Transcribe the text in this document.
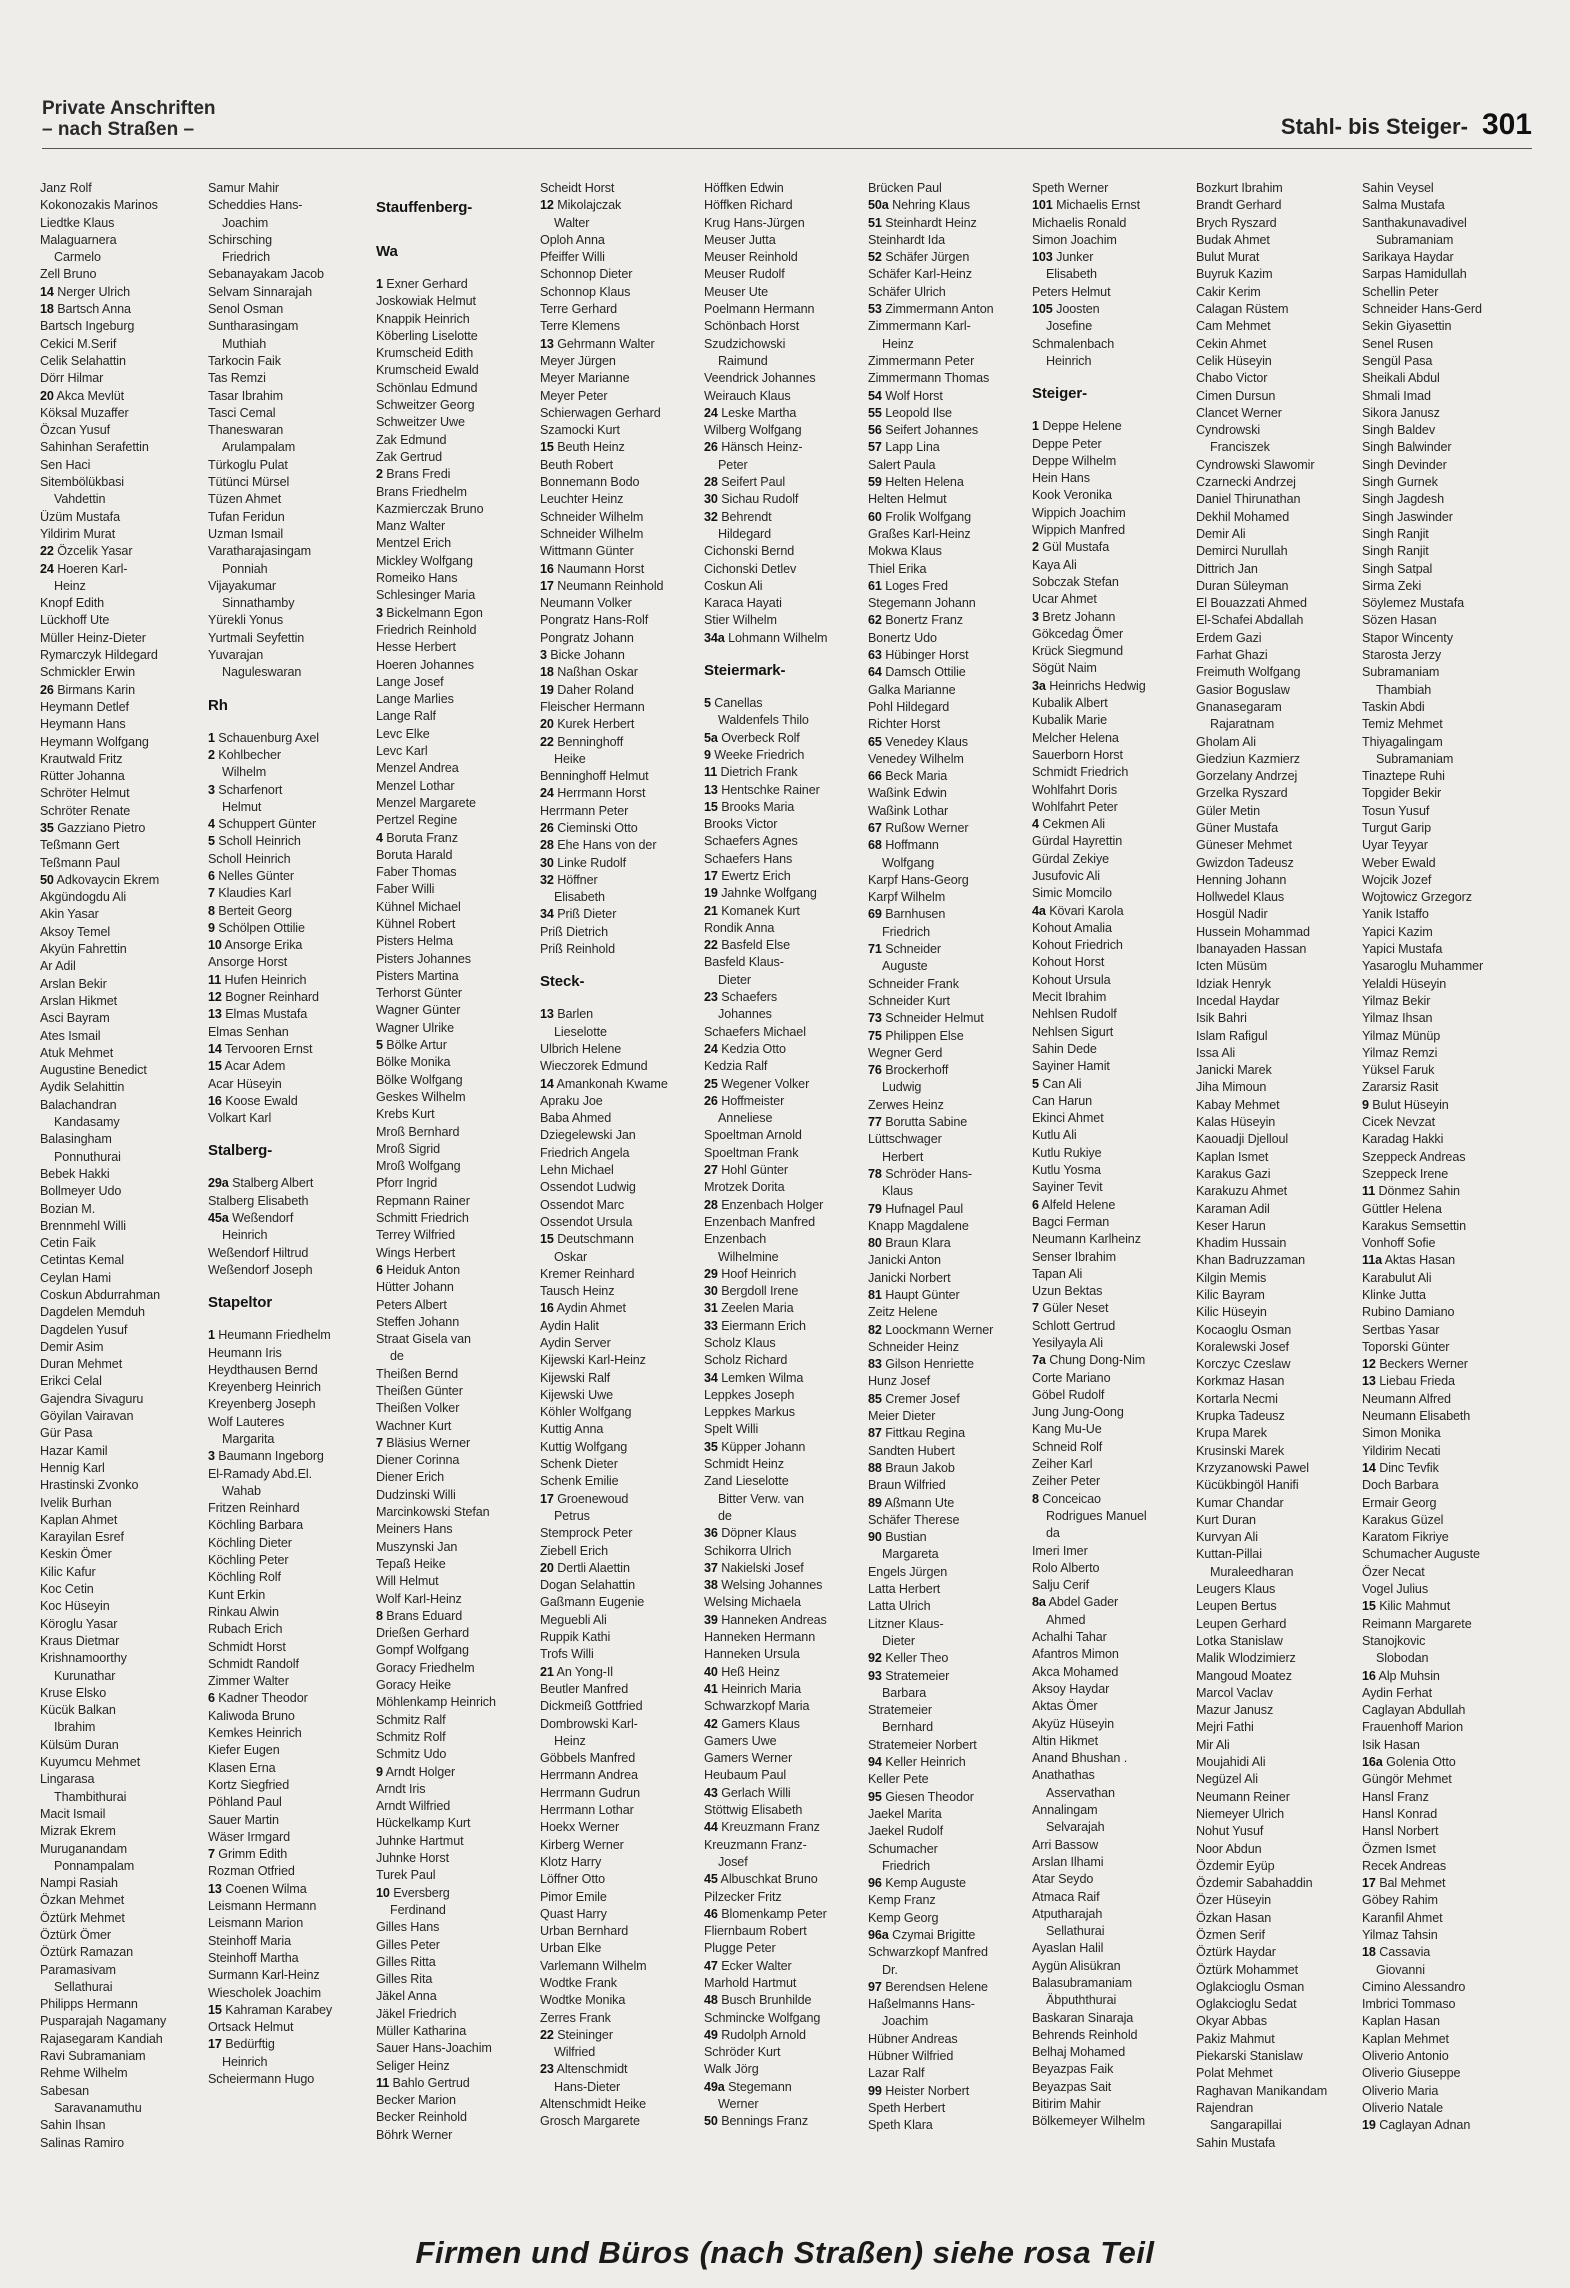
Private Anschriften
– nach Straßen –	Stahl- bis Steiger- 301
Janz Rolf
Kokonozakis Marinos
Liedtke Klaus
Malaguarnera
Carmelo
Zell Bruno
14 Nerger Ulrich
18 Bartsch Anna
Bartsch Ingeburg
Cekici M.Serif
Celik Selahattin
Dörr Hilmar
20 Akca Mevlüt
Köksal Muzaffer
Özcan Yusuf
Sahinhan Serafettin
Sen Haci
Sitembölükbasi
Vahdettin
Üzüm Mustafa
Yildirim Murat
22 Özcelik Yasar
24 Hoeren Karl-
Heinz
Knopf Edith
Lückhoff Ute
Müller Heinz-Dieter
Rymarczyk Hildegard
Schmickler Erwin
26 Birmans Karin
Heymann Detlef
Heymann Hans
Heymann Wolfgang
Krautwald Fritz
Rütter Johanna
Schröter Helmut
Schröter Renate
35 Gazziano Pietro
Teßmann Gert
Teßmann Paul
50 Adkovaycin Ekrem
Akgündogdu Ali
Akin Yasar
Aksoy Temel
Akyün Fahrettin
Ar Adil
Arslan Bekir
Arslan Hikmet
Asci Bayram
Ates Ismail
Atuk Mehmet
Augustine Benedict
Aydik Selahittin
Balachandran
Kandasamy
Balasingham
Ponnuthurai
Bebek Hakki
Bollmeyer Udo
Bozian M.
Brennmehl Willi
Cetin Faik
Cetintas Kemal
Ceylan Hami
Coskun Abdurrahman
Dagdelen Memduh
Dagdelen Yusuf
Demir Asim
Duran Mehmet
Erikci Celal
Gajendra Sivaguru
Göyilan Vairavan
Gür Pasa
Hazar Kamil
Hennig Karl
Hrastinski Zvonko
Ivelik Burhan
Kaplan Ahmet
Karayilan Esref
Keskin Ömer
Kilic Kafur
Koc Cetin
Koc Hüseyin
Köroglu Yasar
Kraus Dietmar
Krishnamoorthy
Kurunathar
Kruse Elsko
Kücük Balkan
Ibrahim
Külsüm Duran
Kuyumcu Mehmet
Lingarasa
Thambithurai
Macit Ismail
Mizrak Ekrem
Muruganandam
Ponnampalam
Nampi Rasiah
Özkan Mehmet
Öztürk Mehmet
Öztürk Ömer
Öztürk Ramazan
Paramasivam
Sellathurai
Philipps Hermann
Pusparajah Nagamany
Rajasegaram Kandiah
Ravi Subramaniam
Rehme Wilhelm
Sabesan
Saravanamuthu
Sahin Ihsan
Salinas Ramiro
Samur Mahir
Scheddies Hans-
Joachim
Schirsching
Friedrich
Sebanayakam Jacob
Selvam Sinnarajah
Senol Osman
Suntharasingam
Muthiah
Tarkocin Faik
Tas Remzi
Tasar Ibrahim
Tasci Cemal
Thaneswaran
Arulampalam
Türkoglu Pulat
Tütünci Mürsel
Tüzen Ahmet
Tufan Feridun
Uzman Ismail
Varatharajasingam
Ponniah
Vijayakumar
Sinnathamby
Yürekli Yonus
Yurtmali Seyfettin
Yuvarajan
Naguleswaran

Rh

1 Schauenburg Axel
2 Kohlbecher
Wilhelm
3 Scharfenort
Helmut
4 Schuppert Günter
5 Scholl Heinrich
Scholl Heinrich
6 Nelles Günter
7 Klaudies Karl
8 Berteit Georg
9 Schölpen Ottilie
10 Ansorge Erika
Ansorge Horst
11 Hufen Heinrich
12 Bogner Reinhard
13 Elmas Mustafa
Elmas Senhan
14 Tervooren Ernst
15 Acar Adem
Acar Hüseyin
16 Koose Ewald
Volkart Karl

Stalberg-

29a Stalberg Albert
Stalberg Elisabeth
45a Weßendorf
Heinrich
Weßendorf Hiltrud
Weßendorf Joseph

Stapeltor

1 Heumann Friedhelm
Heumann Iris
Heydthausen Bernd
Kreyenberg Heinrich
Kreyenberg Joseph
Wolf Lauteres
Margarita
3 Baumann Ingeborg
El-Ramady Abd.El.
Wahab
Fritzen Reinhard
Köchling Barbara
Köchling Dieter
Köchling Peter
Köchling Rolf
Kunt Erkin
Rinkau Alwin
Rubach Erich
Schmidt Horst
Schmidt Randolf
Zimmer Walter
6 Kadner Theodor
Kaliwoda Bruno
Kemkes Heinrich
Kiefer Eugen
Klasen Erna
Kortz Siegfried
Pöhland Paul
Sauer Martin
Wäser Irmgard
7 Grimm Edith
Rozman Otfried
13 Coenen Wilma
Leismann Hermann
Leismann Marion
Steinhoff Maria
Steinhoff Martha
Surmann Karl-Heinz
Wiescholek Joachim
15 Kahraman Karabey
Ortsack Helmut
17 Bedürftig
Heinrich
Scheiermann Hugo

Stauffenberg-

Wa

1 Exner Gerhard
Joskowiak Helmut
Knappik Heinrich
Köberling Liselotte
Krumscheid Edith
Krumscheid Ewald
Schönlau Edmund
Schweitzer Georg
Schweitzer Uwe
Zak Edmund
Zak Gertrud
2 Brans Fredi
Brans Friedhelm
Kazmierczak Bruno
Manz Walter
Mentzel Erich
Mickley Wolfgang
Romeiko Hans
Schlesinger Maria
3 Bickelmann Egon
Friedrich Reinhold
Hesse Herbert
Hoeren Johannes
Lange Josef
Lange Marlies
Lange Ralf
Levc Elke
Levc Karl
Menzel Andrea
Menzel Lothar
Menzel Margarete
Pertzel Regine
4 Boruta Franz
Boruta Harald
Faber Thomas
Faber Willi
Kühnel Michael
Kühnel Robert
Pisters Helma
Pisters Johannes
Pisters Martina
Terhorst Günter
Wagner Günter
Wagner Ulrike
5 Bölke Artur
Bölke Monika
Bölke Wolfgang
Geskes Wilhelm
Krebs Kurt
Mroß Bernhard
Mroß Sigrid
Mroß Wolfgang
Pforr Ingrid
Repmann Rainer
Schmitt Friedrich
Terrey Wilfried
Wings Herbert
6 Heiduk Anton
Hütter Johann
Peters Albert
Steffen Johann
Straat Gisela van
de
Theißen Bernd
Theißen Günter
Theißen Volker
Wachner Kurt
7 Bläsius Werner
Diener Corinna
Diener Erich
Dudzinski Willi
Marcinkowski Stefan
Meiners Hans
Muszynski Jan
Tepaß Heike
Will Helmut
Wolf Karl-Heinz
8 Brans Eduard
Drießen Gerhard
Gompf Wolfgang
Goracy Friedhelm
Goracy Heike
Möhlenkamp Heinrich
Schmitz Ralf
Schmitz Rolf
Schmitz Udo
9 Arndt Holger
Arndt Iris
Arndt Wilfried
Hückelkamp Kurt
Juhnke Hartmut
Juhnke Horst
Turek Paul
10 Eversberg
Ferdinand
Gilles Hans
Gilles Peter
Gilles Ritta
Gilles Rita
Jäkel Anna
Jäkel Friedrich
Müller Katharina
Sauer Hans-Joachim
Seliger Heinz
11 Bahlo Gertrud
Becker Marion
Becker Reinhold
Böhrk Werner
Scheidt Horst
12 Mikolajczak
Walter
Oploh Anna
Pfeiffer Willi
Schonnop Dieter
Schonnop Klaus
Terre Gerhard
Terre Klemens
13 Gehrmann Walter
Meyer Jürgen
Meyer Marianne
Meyer Peter
Schierwagen Gerhard
Szamocki Kurt
15 Beuth Heinz
Beuth Robert
Bonnemann Bodo
Leuchter Heinz
Schneider Wilhelm
Schneider Wilhelm
Wittmann Günter
16 Naumann Horst
17 Neumann Reinhold
Neumann Volker
Pongratz Hans-Rolf
Pongratz Johann
3 Bicke Johann
18 Naßhan Oskar
19 Daher Roland
Fleischer Hermann
20 Kurek Herbert
22 Benninghoff
Heike
Benninghoff Helmut
24 Herrmann Horst
Herrmann Peter
26 Cieminski Otto
28 Ehe Hans von der
30 Linke Rudolf
32 Höffner
Elisabeth
34 Priß Dieter
Priß Dietrich
Priß Reinhold

Steck-

13 Barlen
Lieselotte
Ulbrich Helene
Wieczorek Edmund
14 Amankonah Kwame
Apraku Joe
Baba Ahmed
Dziegelewski Jan
Friedrich Angela
Lehn Michael
Ossendot Ludwig
Ossendot Marc
Ossendot Ursula
15 Deutschmann
Oskar
Kremer Reinhard
Tausch Heinz
16 Aydin Ahmet
Aydin Halit
Aydin Server
Kijewski Karl-Heinz
Kijewski Ralf
Kijewski Uwe
Köhler Wolfgang
Kuttig Anna
Kuttig Wolfgang
Schenk Dieter
Schenk Emilie
17 Groenewoud
Petrus
Stemprock Peter
Ziebell Erich
20 Dertli Alaettin
Dogan Selahattin
Gaßmann Eugenie
Meguebli Ali
Ruppik Kathi
Trofs Willi
21 An Yong-Il
Beutler Manfred
Dickmeiß Gottfried
Dombrowski Karl-
Heinz
Göbbels Manfred
Herrmann Andrea
Herrmann Gudrun
Herrmann Lothar
Hoekx Werner
Kirberg Werner
Klotz Harry
Löffner Otto
Pimor Emile
Quast Harry
Urban Bernhard
Urban Elke
Varlemann Wilhelm
Wodtke Frank
Wodtke Monika
Zerres Frank
22 Steininger
Wilfried
23 Altenschmidt
Hans-Dieter
Altenschmidt Heike
Grosch Margarete
Höffken Edwin
Höffken Richard
Krug Hans-Jürgen
Meuser Jutta
Meuser Reinhold
Meuser Rudolf
Meuser Ute
Poelmann Hermann
Schönbach Horst
Szudzichowski
Raimund
Veendrick Johannes
Weirauch Klaus
24 Leske Martha
Wilberg Wolfgang
26 Hänsch Heinz-
Peter
28 Seifert Paul
30 Sichau Rudolf
32 Behrendt
Hildegard
Cichonski Bernd
Cichonski Detlev
Coskun Ali
Karaca Hayati
Stier Wilhelm
34a Lohmann Wilhelm

Steiermark-

5 Canellas
Waldenfels Thilo
5a Overbeck Rolf
9 Weeke Friedrich
11 Dietrich Frank
13 Hentschke Rainer
15 Brooks Maria
Brooks Victor
Schaefers Agnes
Schaefers Hans
17 Ewertz Erich
19 Jahnke Wolfgang
21 Komanek Kurt
Rondik Anna
22 Basfeld Else
Basfeld Klaus-
Dieter
23 Schaefers
Johannes
Schaefers Michael
24 Kedzia Otto
Kedzia Ralf
25 Wegener Volker
26 Hoffmeister
Anneliese
Spoeltman Arnold
Spoeltman Frank
27 Hohl Günter
Mrotzek Dorita
28 Enzenbach Holger
Enzenbach Manfred
Enzenbach
Wilhelmine
29 Hoof Heinrich
30 Bergdoll Irene
31 Zeelen Maria
33 Eiermann Erich
Scholz Klaus
Scholz Richard
34 Lemken Wilma
Leppkes Joseph
Leppkes Markus
Spelt Willi
35 Küpper Johann
Schmidt Heinz
Zand Lieselotte
Bitter Verw. van
de
36 Döpner Klaus
Schikorra Ulrich
37 Nakielski Josef
38 Welsing Johannes
Welsing Michaela
39 Hanneken Andreas
Hanneken Hermann
Hanneken Ursula
40 Heß Heinz
41 Heinrich Maria
Schwarzkopf Maria
42 Gamers Klaus
Gamers Uwe
Gamers Werner
Heubaum Paul
43 Gerlach Willi
Stöttwig Elisabeth
44 Kreuzmann Franz
Kreuzmann Franz-
Josef
45 Albuschkat Bruno
Pilzecker Fritz
46 Blomenkamp Peter
Fliernbaum Robert
Plugge Peter
47 Ecker Walter
Marhold Hartmut
48 Busch Brunhilde
Schmincke Wolfgang
49 Rudolph Arnold
Schröder Kurt
Walk Jörg
49a Stegemann
Werner
50 Bennings Franz
Brücken Paul
50a Nehring Klaus
51 Steinhardt Heinz
Steinhardt Ida
52 Schäfer Jürgen
Schäfer Karl-Heinz
Schäfer Ulrich
53 Zimmermann Anton
Zimmermann Karl-
Heinz
Zimmermann Peter
Zimmermann Thomas
54 Wolf Horst
55 Leopold Ilse
56 Seifert Johannes
57 Lapp Lina
Salert Paula
59 Helten Helena
Helten Helmut
60 Frolik Wolfgang
Graßes Karl-Heinz
Mokwa Klaus
Thiel Erika
61 Loges Fred
Stegemann Johann
62 Bonertz Franz
Bonertz Udo
63 Hübinger Horst
64 Damsch Ottilie
Galka Marianne
Pohl Hildegard
Richter Horst
65 Venedey Klaus
Venedey Wilhelm
66 Beck Maria
Waßink Edwin
Waßink Lothar
67 Rußow Werner
68 Hoffmann
Wolfgang
Karpf Hans-Georg
Karpf Wilhelm
69 Barnhusen
Friedrich
71 Schneider
Auguste
Schneider Frank
Schneider Kurt
73 Schneider Helmut
75 Philippen Else
Wegner Gerd
76 Brockerhoff
Ludwig
Zerwes Heinz
77 Borutta Sabine
Lüttschwager
Herbert
78 Schröder Hans-
Klaus
79 Hufnagel Paul
Knapp Magdalene
80 Braun Klara
Janicki Anton
Janicki Norbert
81 Haupt Günter
Zeitz Helene
82 Loockmann Werner
Schneider Heinz
83 Gilson Henriette
Hunz Josef
85 Cremer Josef
Meier Dieter
87 Fittkau Regina
Sandten Hubert
88 Braun Jakob
Braun Wilfried
89 Aßmann Ute
Schäfer Therese
90 Bustian
Margareta
Engels Jürgen
Latta Herbert
Latta Ulrich
Litzner Klaus-
Dieter
92 Keller Theo
93 Stratemeier
Barbara
Stratemeier
Bernhard
Stratemeier Norbert
94 Keller Heinrich
Keller Pete
95 Giesen Theodor
Jaekel Marita
Jaekel Rudolf
Schumacher
Friedrich
96 Kemp Auguste
Kemp Franz
Kemp Georg
96a Czymai Brigitte
Schwarzkopf Manfred
Dr.
97 Berendsen Helene
Haßelmanns Hans-
Joachim
Hübner Andreas
Hübner Wilfried
Lazar Ralf
99 Heister Norbert
Speth Herbert
Speth Klara
Speth Werner
101 Michaelis Ernst
Michaelis Ronald
Simon Joachim
103 Junker
Elisabeth
Peters Helmut
105 Joosten
Josefine
Schmalenbach
Heinrich

Steiger-

1 Deppe Helene
Deppe Peter
Deppe Wilhelm
Hein Hans
Kook Veronika
Wippich Joachim
Wippich Manfred
2 Gül Mustafa
Kaya Ali
Sobczak Stefan
Ucar Ahmet
3 Bretz Johann
Gökcedag Ömer
Krück Siegmund
Sögüt Naim
3a Heinrichs Hedwig
Kubalik Albert
Kubalik Marie
Melcher Helena
Sauerborn Horst
Schmidt Friedrich
Wohlfahrt Doris
Wohlfahrt Peter
4 Cekmen Ali
Gürdal Hayrettin
Gürdal Zekiye
Jusufovic Ali
Simic Momcilo
4a Kövari Karola
Kohout Amalia
Kohout Friedrich
Kohout Horst
Kohout Ursula
Mecit Ibrahim
Nehlsen Rudolf
Nehlsen Sigurt
Sahin Dede
Sayiner Hamit
5 Can Ali
Can Harun
Ekinci Ahmet
Kutlu Ali
Kutlu Rukiye
Kutlu Yosma
Sayiner Tevit
6 Alfeld Helene
Bagci Ferman
Neumann Karlheinz
Senser Ibrahim
Tapan Ali
Uzun Bektas
7 Güler Neset
Schlott Gertrud
Yesilyayla Ali
7a Chung Dong-Nim
Corte Mariano
Göbel Rudolf
Jung Jung-Oong
Kang Mu-Ue
Schneid Rolf
Zeiher Karl
Zeiher Peter
8 Conceicao
Rodrigues Manuel
da
Imeri Imer
Rolo Alberto
Salju Cerif
8a Abdel Gader
Ahmed
Achalhi Tahar
Afantros Mimon
Akca Mohamed
Aksoy Haydar
Aktas Ömer
Akyüz Hüseyin
Altin Hikmet
Anand Bhushan .
Anathathas
Asservathan
Annalingam
Selvarajah
Arri Bassow
Arslan Ilhami
Atar Seydo
Atmaca Raif
Atputharajah
Sellathurai
Ayaslan Halil
Aygün Alisükran
Balasubramaniam
Äbpuththurai
Baskaran Sinaraja
Behrends Reinhold
Belhaj Mohamed
Beyazpas Faik
Beyazpas Sait
Bitirim Mahir
Bölkemeyer Wilhelm
Bozkurt Ibrahim
Brandt Gerhard
Brych Ryszard
Budak Ahmet
Bulut Murat
Buyruk Kazim
Cakir Kerim
Calagan Rüstem
Cam Mehmet
Cekin Ahmet
Celik Hüseyin
Chabo Victor
Cimen Dursun
Clancet Werner
Cyndrowski
Franciszek
Cyndrowski Slawomir
Czarnecki Andrzej
Daniel Thirunathan
Dekhil Mohamed
Demir Ali
Demirci Nurullah
Dittrich Jan
Duran Süleyman
El Bouazzati Ahmed
El-Schafei Abdallah
Erdem Gazi
Farhat Ghazi
Freimuth Wolfgang
Gasior Boguslaw
Gnanasegaram
Rajaratnam
Gholam Ali
Giedziun Kazmierz
Gorzelany Andrzej
Grzelka Ryszard
Güler Metin
Güner Mustafa
Güneser Mehmet
Gwizdon Tadeusz
Henning Johann
Hollwedel Klaus
Hosgül Nadir
Hussein Mohammad
Ibanayaden Hassan
Icten Müsüm
Idziak Henryk
Incedal Haydar
Isik Bahri
Islam Rafigul
Issa Ali
Janicki Marek
Jiha Mimoun
Kabay Mehmet
Kalas Hüseyin
Kaouadji Djelloul
Kaplan Ismet
Karakus Gazi
Karakuzu Ahmet
Karaman Adil
Keser Harun
Khadim Hussain
Khan Badruzzaman
Kilgin Memis
Kilic Bayram
Kilic Hüseyin
Kocaoglu Osman
Koralewski Josef
Korczyc Czeslaw
Korkmaz Hasan
Kortarla Necmi
Krupka Tadeusz
Krupa Marek
Krusinski Marek
Krzyzanowski Pawel
Kücükbingöl Hanifi
Kumar Chandar
Kurt Duran
Kurvyan Ali
Kuttan-Pillai
Muraleedharan
Leugers Klaus
Leupen Bertus
Leupen Gerhard
Lotka Stanislaw
Malik Wlodzimierz
Mangoud Moatez
Marcol Vaclav
Mazur Janusz
Mejri Fathi
Mir Ali
Moujahidi Ali
Negüzel Ali
Neumann Reiner
Niemeyer Ulrich
Nohut Yusuf
Noor Abdun
Özdemir Eyüp
Özdemir Sabahaddin
Özer Hüseyin
Özkan Hasan
Özmen Serif
Öztürk Haydar
Öztürk Mohammet
Oglakcioglu Osman
Oglakcioglu Sedat
Okyar Abbas
Pakiz Mahmut
Piekarski Stanislaw
Polat Mehmet
Raghavan Manikandam
Rajendran
Sangarapillai
Sahin Mustafa
Sahin Veysel
Salma Mustafa
Santhakunavadivel
Subramaniam
Sarikaya Haydar
Sarpas Hamidullah
Schellin Peter
Schneider Hans-Gerd
Sekin Giyasettin
Senel Rusen
Sengül Pasa
Sheikali Abdul
Shmali Imad
Sikora Janusz
Singh Baldev
Singh Balwinder
Singh Devinder
Singh Gurnek
Singh Jagdesh
Singh Jaswinder
Singh Ranjit
Singh Ranjit
Singh Satpal
Sirma Zeki
Söylemez Mustafa
Sözen Hasan
Stapor Wincenty
Starosta Jerzy
Subramaniam
Thambiah
Taskin Abdi
Temiz Mehmet
Thiyagalingam
Subramaniam
Tinaztepe Ruhi
Topgider Bekir
Tosun Yusuf
Turgut Garip
Uyar Teyyar
Weber Ewald
Wojcik Jozef
Wojtowicz Grzegorz
Yanik Istaffo
Yapici Kazim
Yapici Mustafa
Yasaroglu Muhammer
Yelaldi Hüseyin
Yilmaz Bekir
Yilmaz Ihsan
Yilmaz Münüp
Yilmaz Remzi
Yüksel Faruk
Zararsiz Rasit
9 Bulut Hüseyin
Cicek Nevzat
Karadag Hakki
Szeppeck Andreas
Szeppeck Irene
11 Dönmez Sahin
Güttler Helena
Karakus Semsettin
Vonhoff Sofie
11a Aktas Hasan
Karabulut Ali
Klinke Jutta
Rubino Damiano
Sertbas Yasar
Toporski Günter
12 Beckers Werner
13 Liebau Frieda
Neumann Alfred
Neumann Elisabeth
Simon Monika
Yildirim Necati
14 Dinc Tevfik
Doch Barbara
Ermair Georg
Karakus Güzel
Karatom Fikriye
Schumacher Auguste
Özer Necat
Vogel Julius
15 Kilic Mahmut
Reimann Margarete
Stanojkovic
Slobodan
16 Alp Muhsin
Aydin Ferhat
Caglayan Abdullah
Frauenhoff Marion
Isik Hasan
16a Golenia Otto
Güngör Mehmet
Hansl Franz
Hansl Konrad
Hansl Norbert
Özmen Ismet
Recek Andreas
17 Bal Mehmet
Göbey Rahim
Karanfil Ahmet
Yilmaz Tahsin
18 Cassavia
Giovanni
Cimino Alessandro
Imbrici Tommaso
Kaplan Hasan
Kaplan Mehmet
Oliverio Antonio
Oliverio Giuseppe
Oliverio Maria
Oliverio Natale
19 Caglayan Adnan
Firmen und Büros (nach Straßen) siehe rosa Teil
